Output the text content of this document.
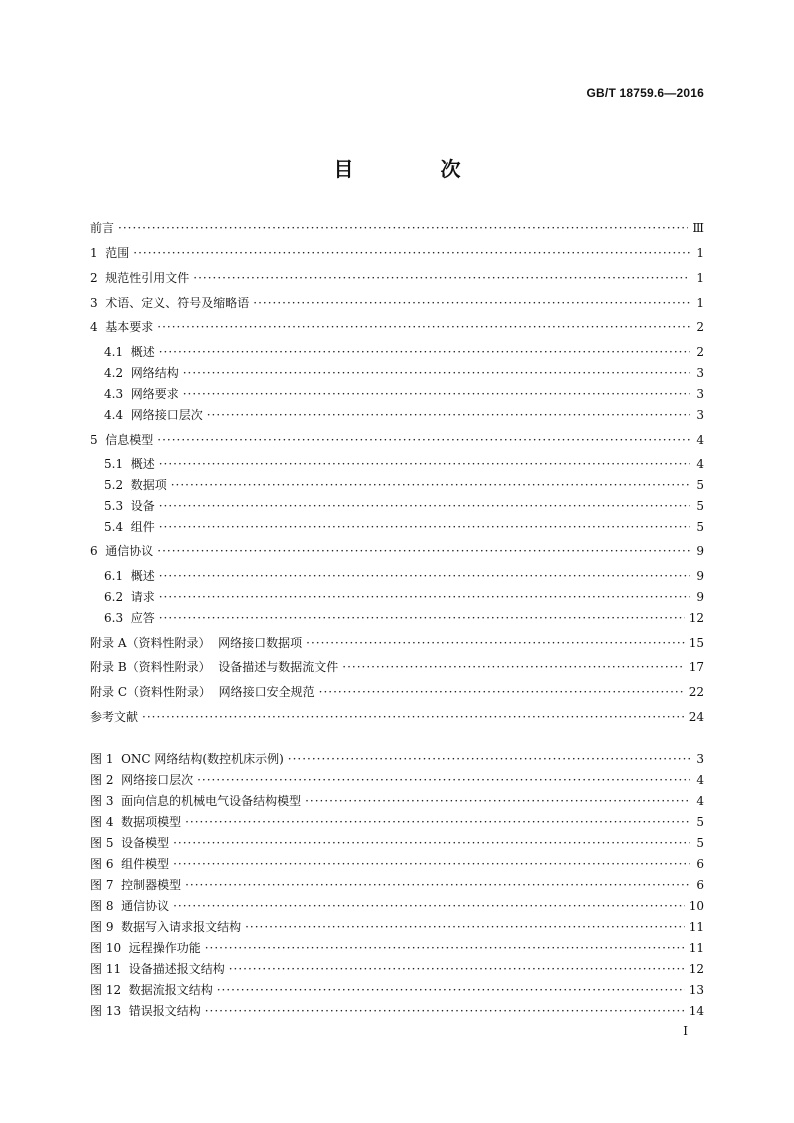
GB/T 18759.6—2016
目 次
前言 ·····	Ⅲ
1  范围 ·····	1
2  规范性引用文件 ·····	1
3  术语、定义、符号及缩略语 ·····	1
4  基本要求 ·····	2
4.1  概述 ·····	2
4.2  网络结构 ·····	3
4.3  网络要求 ·····	3
4.4  网络接口层次 ·····	3
5  信息模型 ·····	4
5.1  概述 ·····	4
5.2  数据项 ·····	5
5.3  设备 ·····	5
5.4  组件 ·····	5
6  通信协议 ·····	9
6.1  概述 ·····	9
6.2  请求 ·····	9
6.3  应答 ·····	12
附录 A（资料性附录）  网络接口数据项 ·····	15
附录 B（资料性附录）  设备描述与数据流文件 ·····	17
附录 C（资料性附录）  网络接口安全规范 ·····	22
参考文献 ·····	24
图 1  ONC 网络结构(数控机床示例) ·····	3
图 2  网络接口层次 ·····	4
图 3  面向信息的机械电气设备结构模型 ·····	4
图 4  数据项模型 ·····	5
图 5  设备模型 ·····	5
图 6  组件模型 ·····	6
图 7  控制器模型 ·····	6
图 8  通信协议 ·····	10
图 9  数据写入请求报文结构 ·····	11
图 10  远程操作功能 ·····	11
图 11  设备描述报文结构 ·····	12
图 12  数据流报文结构 ·····	13
图 13  错误报文结构 ·····	14
I
